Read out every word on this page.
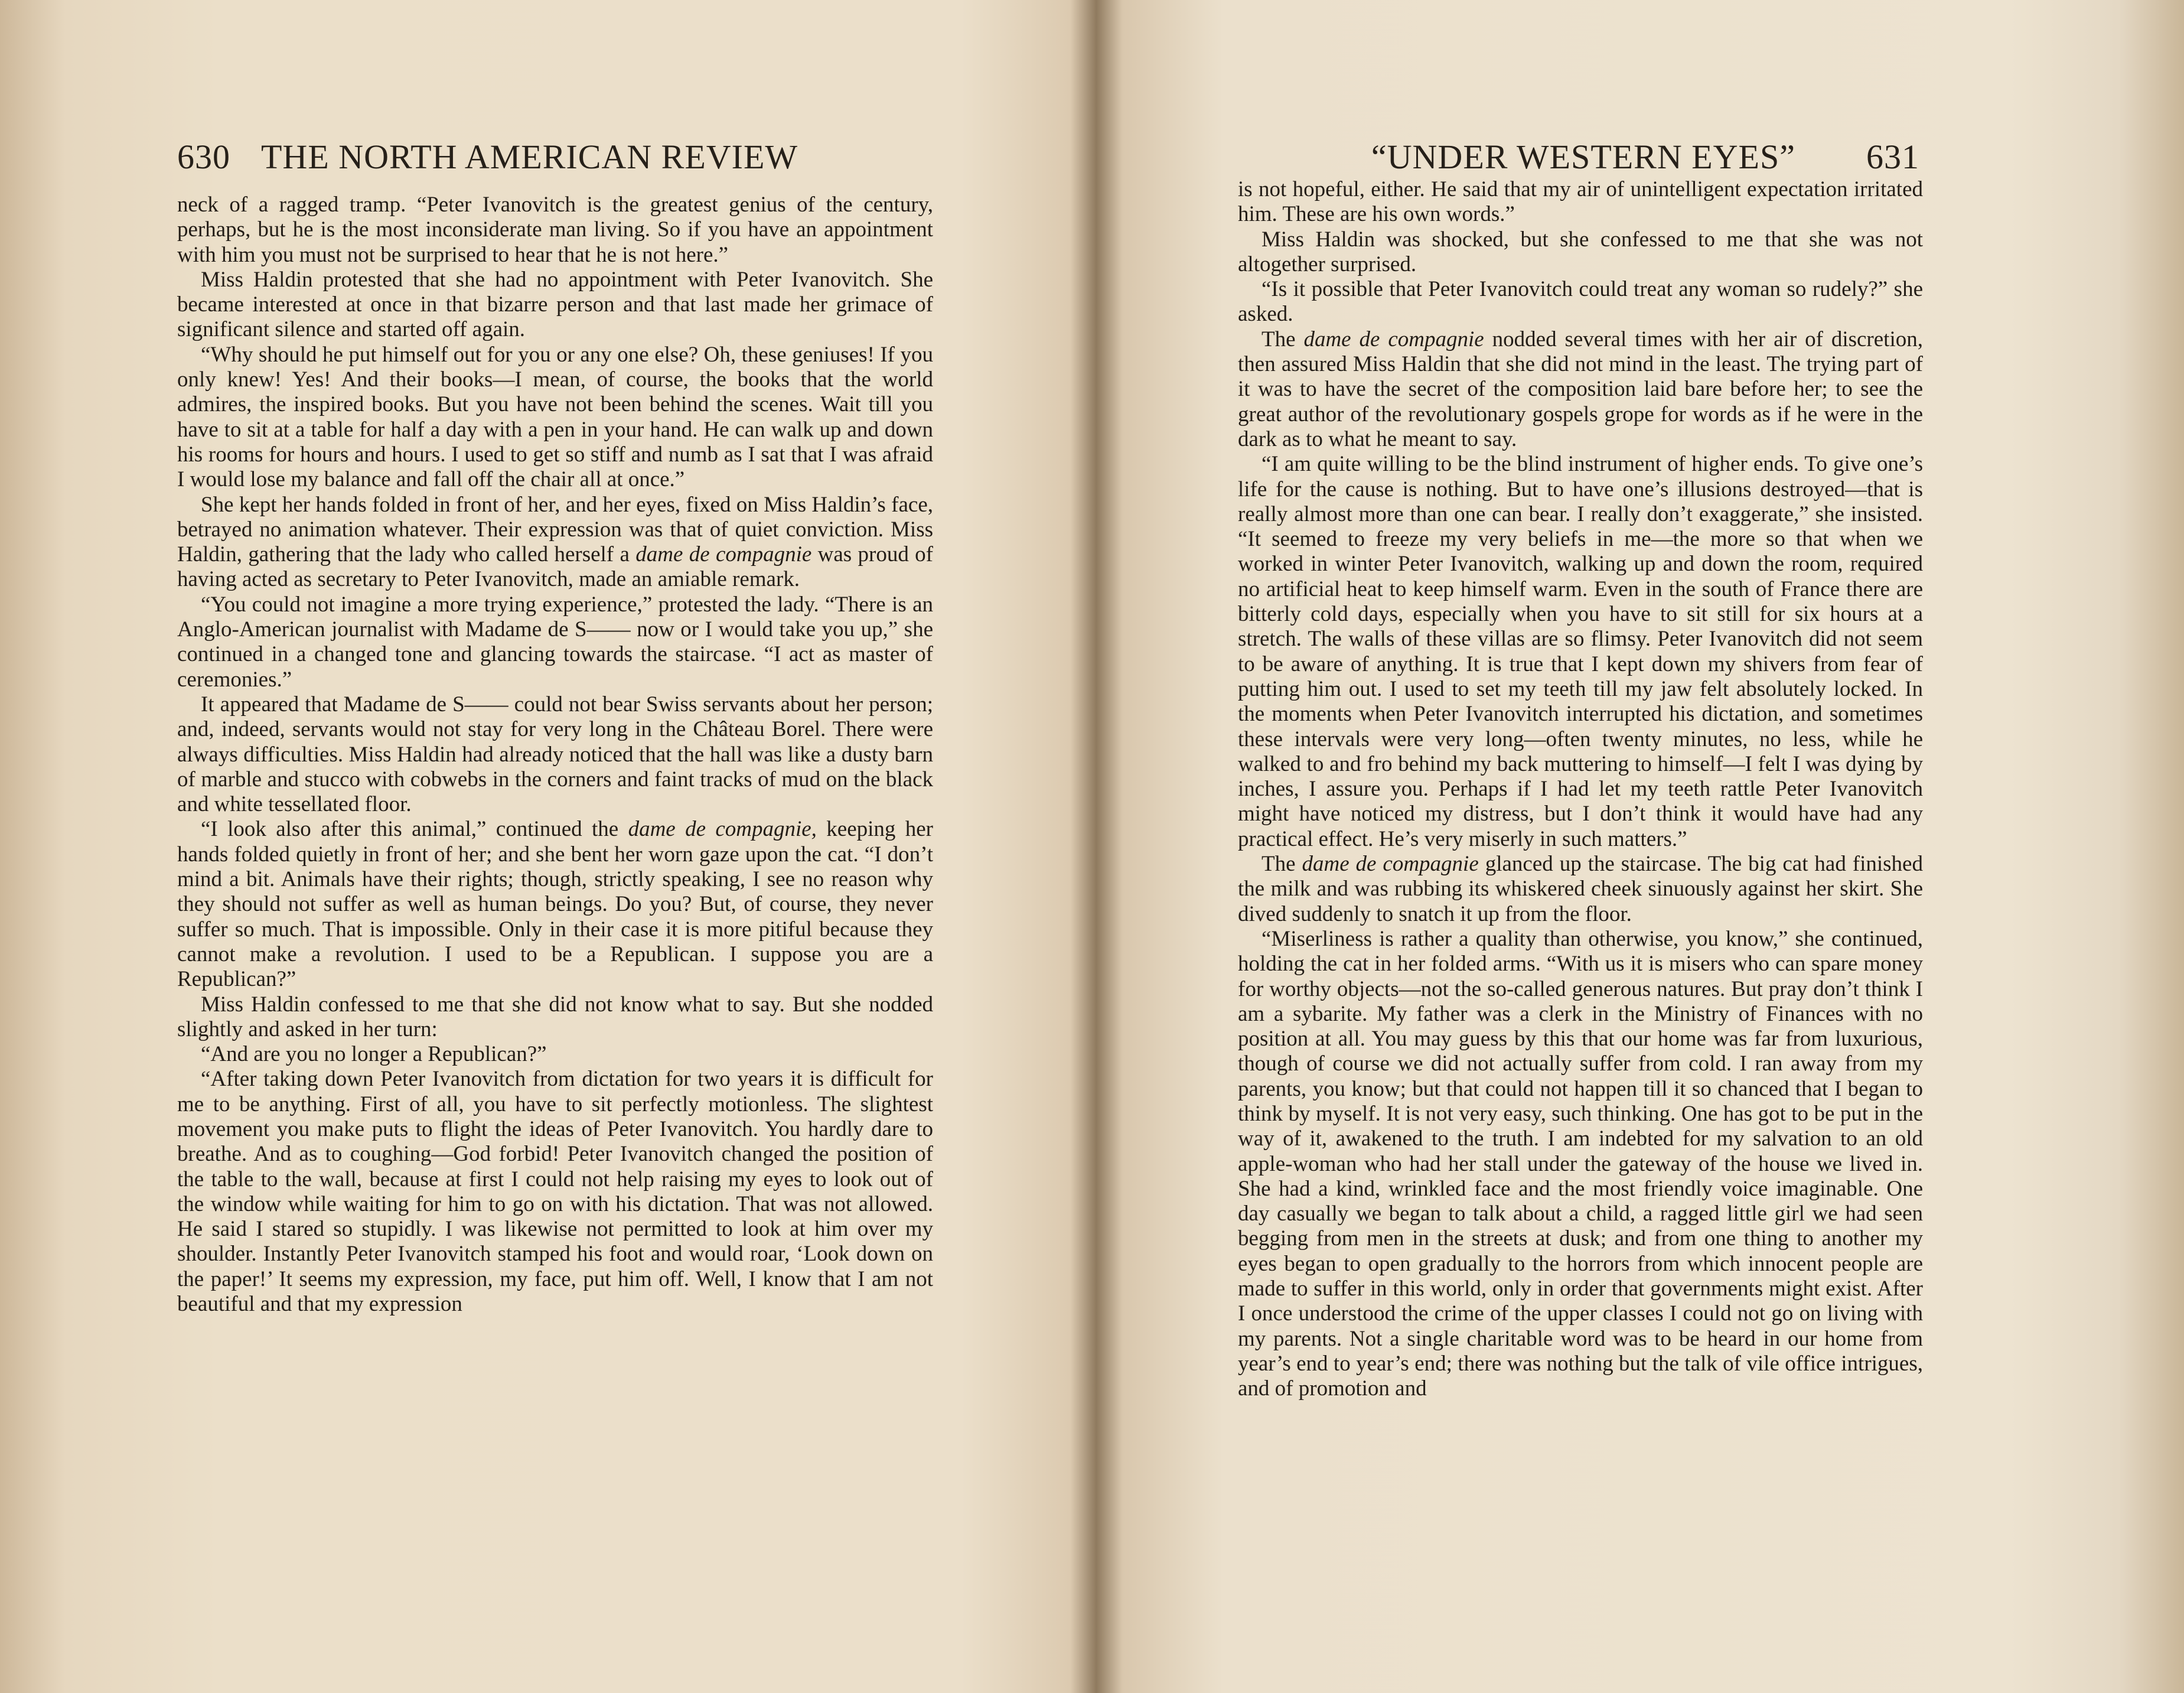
630 THE NORTH AMERICAN REVIEW

neck of a ragged tramp. “Peter Ivanovitch is the greatest genius of the century, perhaps, but he is the most inconsiderate man living. So if you have an appointment with him you must not be surprised to hear that he is not here.”

Miss Haldin protested that she had no appointment with Peter Ivanovitch. She became interested at once in that bizarre person and that last made her grimace of significant silence and started off again.

“Why should he put himself out for you or any one else? Oh, these geniuses! If you only knew! Yes! And their books—I mean, of course, the books that the world admires, the inspired books. But you have not been behind the scenes. Wait till you have to sit at a table for half a day with a pen in your hand. He can walk up and down his rooms for hours and hours. I used to get so stiff and numb as I sat that I was afraid I would lose my balance and fall off the chair all at once.”

She kept her hands folded in front of her, and her eyes, fixed on Miss Haldin’s face, betrayed no animation whatever. Their expression was that of quiet conviction. Miss Haldin, gathering that the lady who called herself a dame de compagnie was proud of having acted as secretary to Peter Ivanovitch, made an amiable remark.

“You could not imagine a more trying experience,” protested the lady. “There is an Anglo-American journalist with Madame de S—— now or I would take you up,” she continued in a changed tone and glancing towards the staircase. “I act as master of ceremonies.”

It appeared that Madame de S—— could not bear Swiss servants about her person; and, indeed, servants would not stay for very long in the Château Borel. There were always difficulties. Miss Haldin had already noticed that the hall was like a dusty barn of marble and stucco with cobwebs in the corners and faint tracks of mud on the black and white tessellated floor.

“I look also after this animal,” continued the dame de compagnie, keeping her hands folded quietly in front of her; and she bent her worn gaze upon the cat. “I don’t mind a bit. Animals have their rights; though, strictly speaking, I see no reason why they should not suffer as well as human beings. Do you? But, of course, they never suffer so much. That is impossible. Only in their case it is more pitiful because they cannot make a revolution. I used to be a Republican. I suppose you are a Republican?”

Miss Haldin confessed to me that she did not know what to say. But she nodded slightly and asked in her turn:

“And are you no longer a Republican?”

“After taking down Peter Ivanovitch from dictation for two years it is difficult for me to be anything. First of all, you have to sit perfectly motionless. The slightest movement you make puts to flight the ideas of Peter Ivanovitch. You hardly dare to breathe. And as to coughing—God forbid! Peter Ivanovitch changed the position of the table to the wall, because at first I could not help raising my eyes to look out of the window while waiting for him to go on with his dictation. That was not allowed. He said I stared so stupidly. I was likewise not permitted to look at him over my shoulder. Instantly Peter Ivanovitch stamped his foot and would roar, ‘Look down on the paper!’ It seems my expression, my face, put him off. Well, I know that I am not beautiful and that my expression

“UNDER WESTERN EYES” 631

is not hopeful, either. He said that my air of unintelligent expectation irritated him. These are his own words.”

Miss Haldin was shocked, but she confessed to me that she was not altogether surprised.

“Is it possible that Peter Ivanovitch could treat any woman so rudely?” she asked.

The dame de compagnie nodded several times with her air of discretion, then assured Miss Haldin that she did not mind in the least. The trying part of it was to have the secret of the composition laid bare before her; to see the great author of the revolutionary gospels grope for words as if he were in the dark as to what he meant to say.

“I am quite willing to be the blind instrument of higher ends. To give one’s life for the cause is nothing. But to have one’s illusions destroyed—that is really almost more than one can bear. I really don’t exaggerate,” she insisted. “It seemed to freeze my very beliefs in me—the more so that when we worked in winter Peter Ivanovitch, walking up and down the room, required no artificial heat to keep himself warm. Even in the south of France there are bitterly cold days, especially when you have to sit still for six hours at a stretch. The walls of these villas are so flimsy. Peter Ivanovitch did not seem to be aware of anything. It is true that I kept down my shivers from fear of putting him out. I used to set my teeth till my jaw felt absolutely locked. In the moments when Peter Ivanovitch interrupted his dictation, and sometimes these intervals were very long—often twenty minutes, no less, while he walked to and fro behind my back muttering to himself—I felt I was dying by inches, I assure you. Perhaps if I had let my teeth rattle Peter Ivanovitch might have noticed my distress, but I don’t think it would have had any practical effect. He’s very miserly in such matters.”

The dame de compagnie glanced up the staircase. The big cat had finished the milk and was rubbing its whiskered cheek sinuously against her skirt. She dived suddenly to snatch it up from the floor.

“Miserliness is rather a quality than otherwise, you know,” she continued, holding the cat in her folded arms. “With us it is misers who can spare money for worthy objects—not the so-called generous natures. But pray don’t think I am a sybarite. My father was a clerk in the Ministry of Finances with no position at all. You may guess by this that our home was far from luxurious, though of course we did not actually suffer from cold. I ran away from my parents, you know; but that could not happen till it so chanced that I began to think by myself. It is not very easy, such thinking. One has got to be put in the way of it, awakened to the truth. I am indebted for my salvation to an old apple-woman who had her stall under the gateway of the house we lived in. She had a kind, wrinkled face and the most friendly voice imaginable. One day casually we began to talk about a child, a ragged little girl we had seen begging from men in the streets at dusk; and from one thing to another my eyes began to open gradually to the horrors from which innocent people are made to suffer in this world, only in order that governments might exist. After I once understood the crime of the upper classes I could not go on living with my parents. Not a single charitable word was to be heard in our home from year’s end to year’s end; there was nothing but the talk of vile office intrigues, and of promotion and
